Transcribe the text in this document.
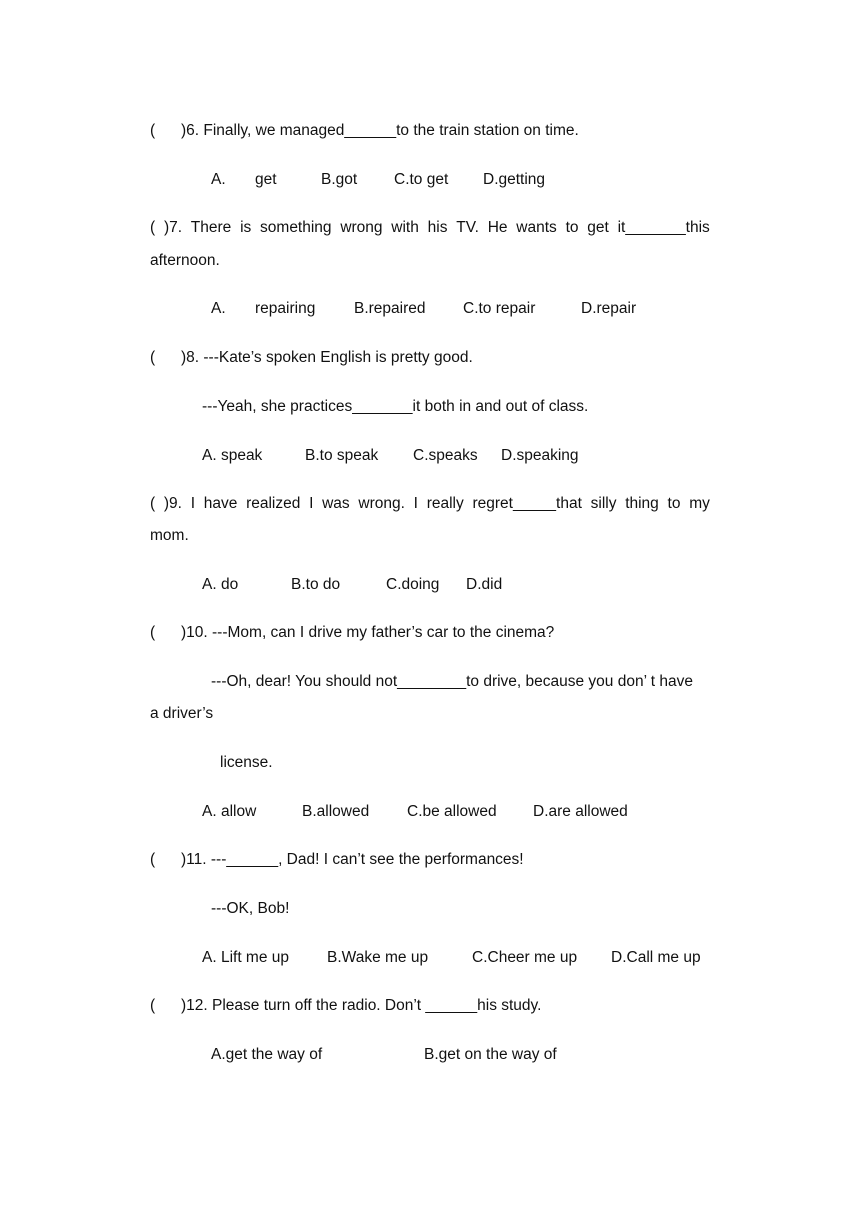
(      )6. Finally, we managed______to the train station on time.
A. get	B.got C.to get D.getting
( )7. There is something wrong with his TV. He wants to get it_______this
afternoon.
A. repairing B.repaired C.to repair	D.repair
(      )8. ---Kate’s spoken English is pretty good.
---Yeah, she practices_______it both in and out of class.
A. speak	B.to speak C.speaks D.speaking
( )9. I have realized I was wrong. I really regret_____that silly thing to my
mom.
A. do	B.to do	C.doing D.did
(      )10. ---Mom, can I drive my father’s car to the cinema?
---Oh, dear! You should not________to drive, because you don’ t have
a driver’s
license.
A. allow	B.allowed C.be allowed D.are allowed
(      )11. ---______, Dad! I can’t see the performances!
---OK, Bob!
A. Lift me up B.Wake me up	C.Cheer me up D.Call me up
(      )12. Please turn off the radio. Don’t ______his study.
A.get the way of	B.get on the way of
